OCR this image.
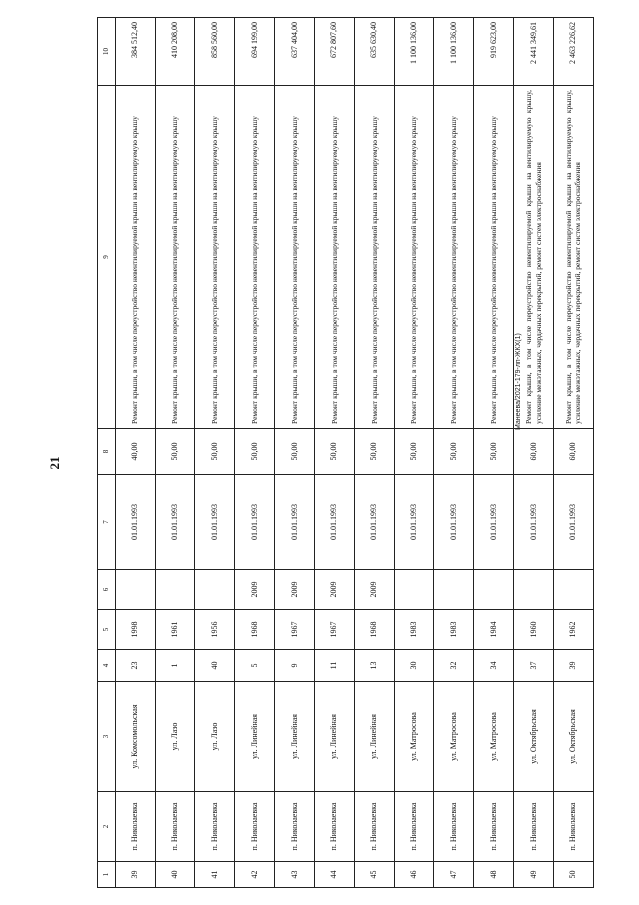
21
Манеева/2021-179-лп-ЖКХ(1)
1	2	3	4	5	6	7	8	9	10
39	п. Николаевка	ул. Комсомольская	23	1998		01.01.1993	40,00	Ремонт крыши, в том числе переустройство невентилируемой крыши на вентилируемую крышу	384 512,40
40	п. Николаевка	ул. Лазо	1	1961		01.01.1993	50,00	Ремонт крыши, в том числе переустройство невентилируемой крыши на вентилируемую крышу	410 208,00
41	п. Николаевка	ул. Лазо	40	1956		01.01.1993	50,00	Ремонт крыши, в том числе переустройство невентилируемой крыши на вентилируемую крышу	858 560,00
42	п. Николаевка	ул. Линейная	5	1968	2009	01.01.1993	50,00	Ремонт крыши, в том числе переустройство невентилируемой крыши на вентилируемую крышу	694 199,00
43	п. Николаевка	ул. Линейная	9	1967	2009	01.01.1993	50,00	Ремонт крыши, в том числе переустройство невентилируемой крыши на вентилируемую крышу	637 404,00
44	п. Николаевка	ул. Линейная	11	1967	2009	01.01.1993	50,00	Ремонт крыши, в том числе переустройство невентилируемой крыши на вентилируемую крышу	672 807,60
45	п. Николаевка	ул. Линейная	13	1968	2009	01.01.1993	50,00	Ремонт крыши, в том числе переустройство невентилируемой крыши на вентилируемую крышу	635 630,40
46	п. Николаевка	ул. Матросова	30	1983		01.01.1993	50,00	Ремонт крыши, в том числе переустройство невентилируемой крыши на вентилируемую крышу	1 100 136,00
47	п. Николаевка	ул. Матросова	32	1983		01.01.1993	50,00	Ремонт крыши, в том числе переустройство невентилируемой крыши на вентилируемую крышу	1 100 136,00
48	п. Николаевка	ул. Матросова	34	1984		01.01.1993	50,00	Ремонт крыши, в том числе переустройство невентилируемой крыши на вентилируемую крышу	919 623,00
49	п. Николаевка	ул. Октябрьская	37	1960		01.01.1993	60,00	Ремонт крыши, в том числе переустройство невентилируемой крыши на вентилируемую крышу, усиление межэтажных, чердачных перекрытий, ремонт систем электроснабжения	2 441 349,61
50	п. Николаевка	ул. Октябрьская	39	1962		01.01.1993	60,00	Ремонт крыши, в том числе переустройство невентилируемой крыши на вентилируемую крышу, усиление межэтажных, чердачных перекрытий, ремонт систем электроснабжения	2 463 226,62
